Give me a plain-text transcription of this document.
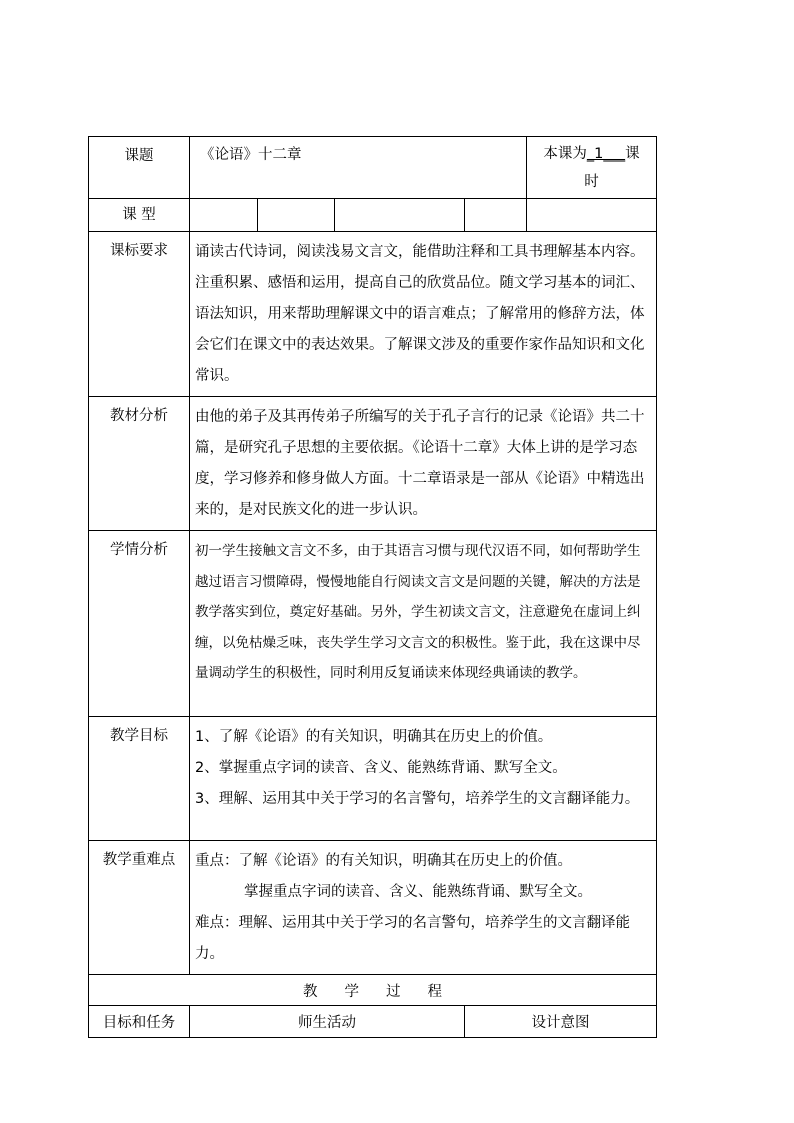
课题	《论语》十二章				本课为_1___课
时
课 型					
课标要求	诵读古代诗词，阅读浅易文言文，能借助注释和工具书理解基本内容。注重积累、感悟和运用，提高自己的欣赏品位。随文学习基本的词汇、语法知识，用来帮助理解课文中的语言难点；了解常用的修辞方法，体会它们在课文中的表达效果。了解课文涉及的重要作家作品知识和文化常识。				
教材分析	由他的弟子及其再传弟子所编写的关于孔子言行的记录《论语》共二十篇，是研究孔子思想的主要依据。《论语十二章》大体上讲的是学习态度，学习修养和修身做人方面。十二章语录是一部从《论语》中精选出来的，是对民族文化的进一步认识。				
学情分析	初一学生接触文言文不多，由于其语言习惯与现代汉语不同，如何帮助学生越过语言习惯障碍，慢慢地能自行阅读文言文是问题的关键，解决的方法是教学落实到位，奠定好基础。另外，学生初读文言文，注意避免在虚词上纠缠，以免枯燥乏味，丧失学生学习文言文的积极性。鉴于此，我在这课中尽量调动学生的积极性，同时利用反复诵读来体现经典诵读的教学。				
教学目标	1、了解《论语》的有关知识，明确其在历史上的价值。

2、掌握重点字词的读音、含义、能熟练背诵、默写全文。

3、理解、运用其中关于学习的名言警句，培养学生的文言翻译能力。				

教学重难点	重点：了解《论语》的有关知识，明确其在历史上的价值。

掌握重点字词的读音、含义、能熟练背诵、默写全文。

难点：理解、运用其中关于学习的名言警句，培养学生的文言翻译能力。				

教学过程					
目标和任务	师生活动			设计意图	
